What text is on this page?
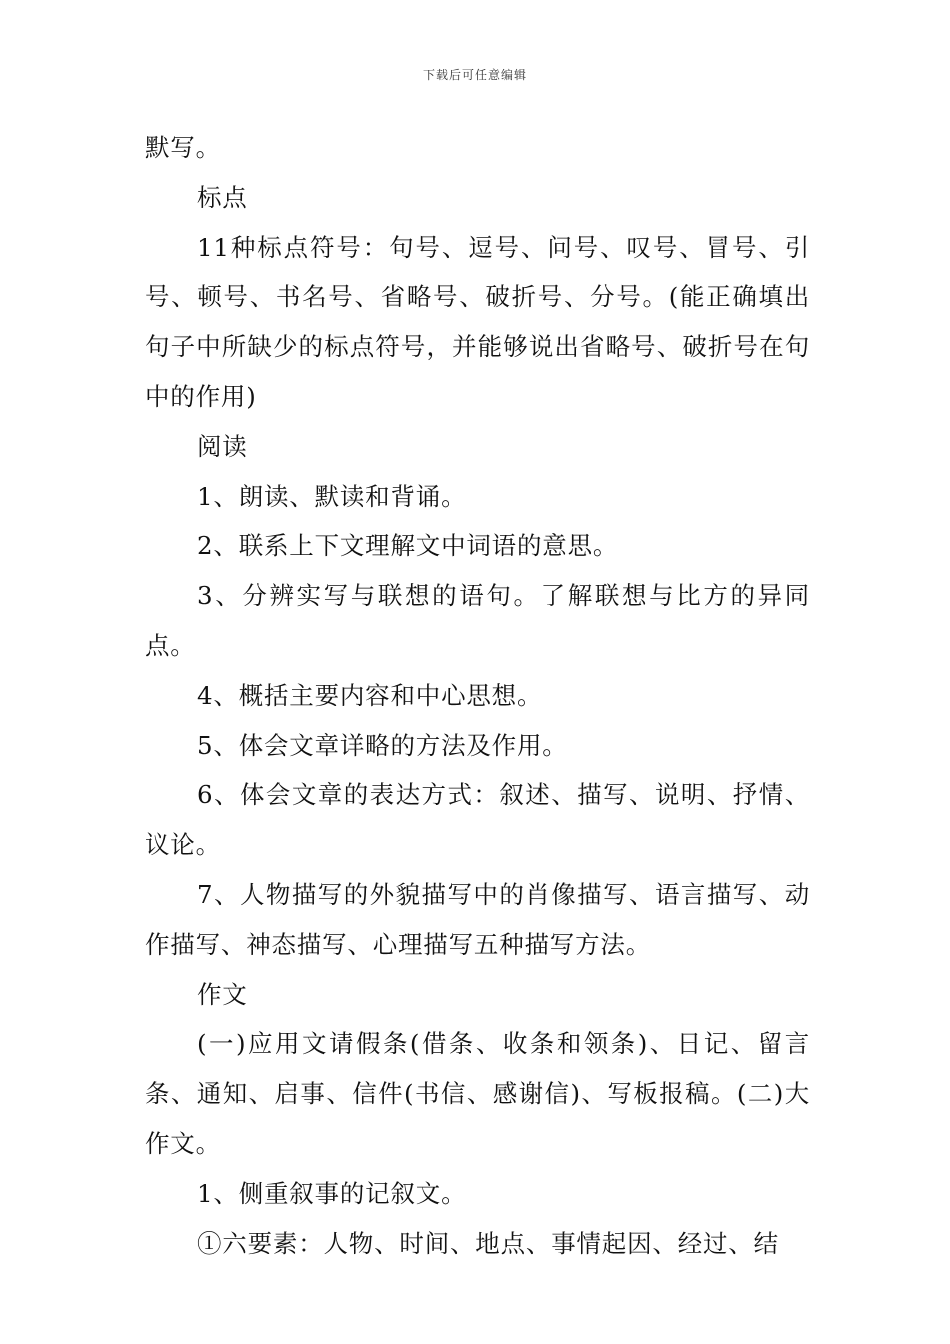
下载后可任意编辑

默写。

标点

11种标点符号：句号、逗号、问号、叹号、冒号、引号、顿号、书名号、省略号、破折号、分号。(能正确填出句子中所缺少的标点符号，并能够说出省略号、破折号在句中的作用)

阅读

1、朗读、默读和背诵。

2、联系上下文理解文中词语的意思。

3、分辨实写与联想的语句。了解联想与比方的异同点。

4、概括主要内容和中心思想。

5、体会文章详略的方法及作用。

6、体会文章的表达方式：叙述、描写、说明、抒情、议论。

7、人物描写的外貌描写中的肖像描写、语言描写、动作描写、神态描写、心理描写五种描写方法。

作文

(一)应用文请假条(借条、收条和领条)、日记、留言条、通知、启事、信件(书信、感谢信)、写板报稿。(二)大作文。

1、侧重叙事的记叙文。

①六要素：人物、时间、地点、事情起因、经过、结
